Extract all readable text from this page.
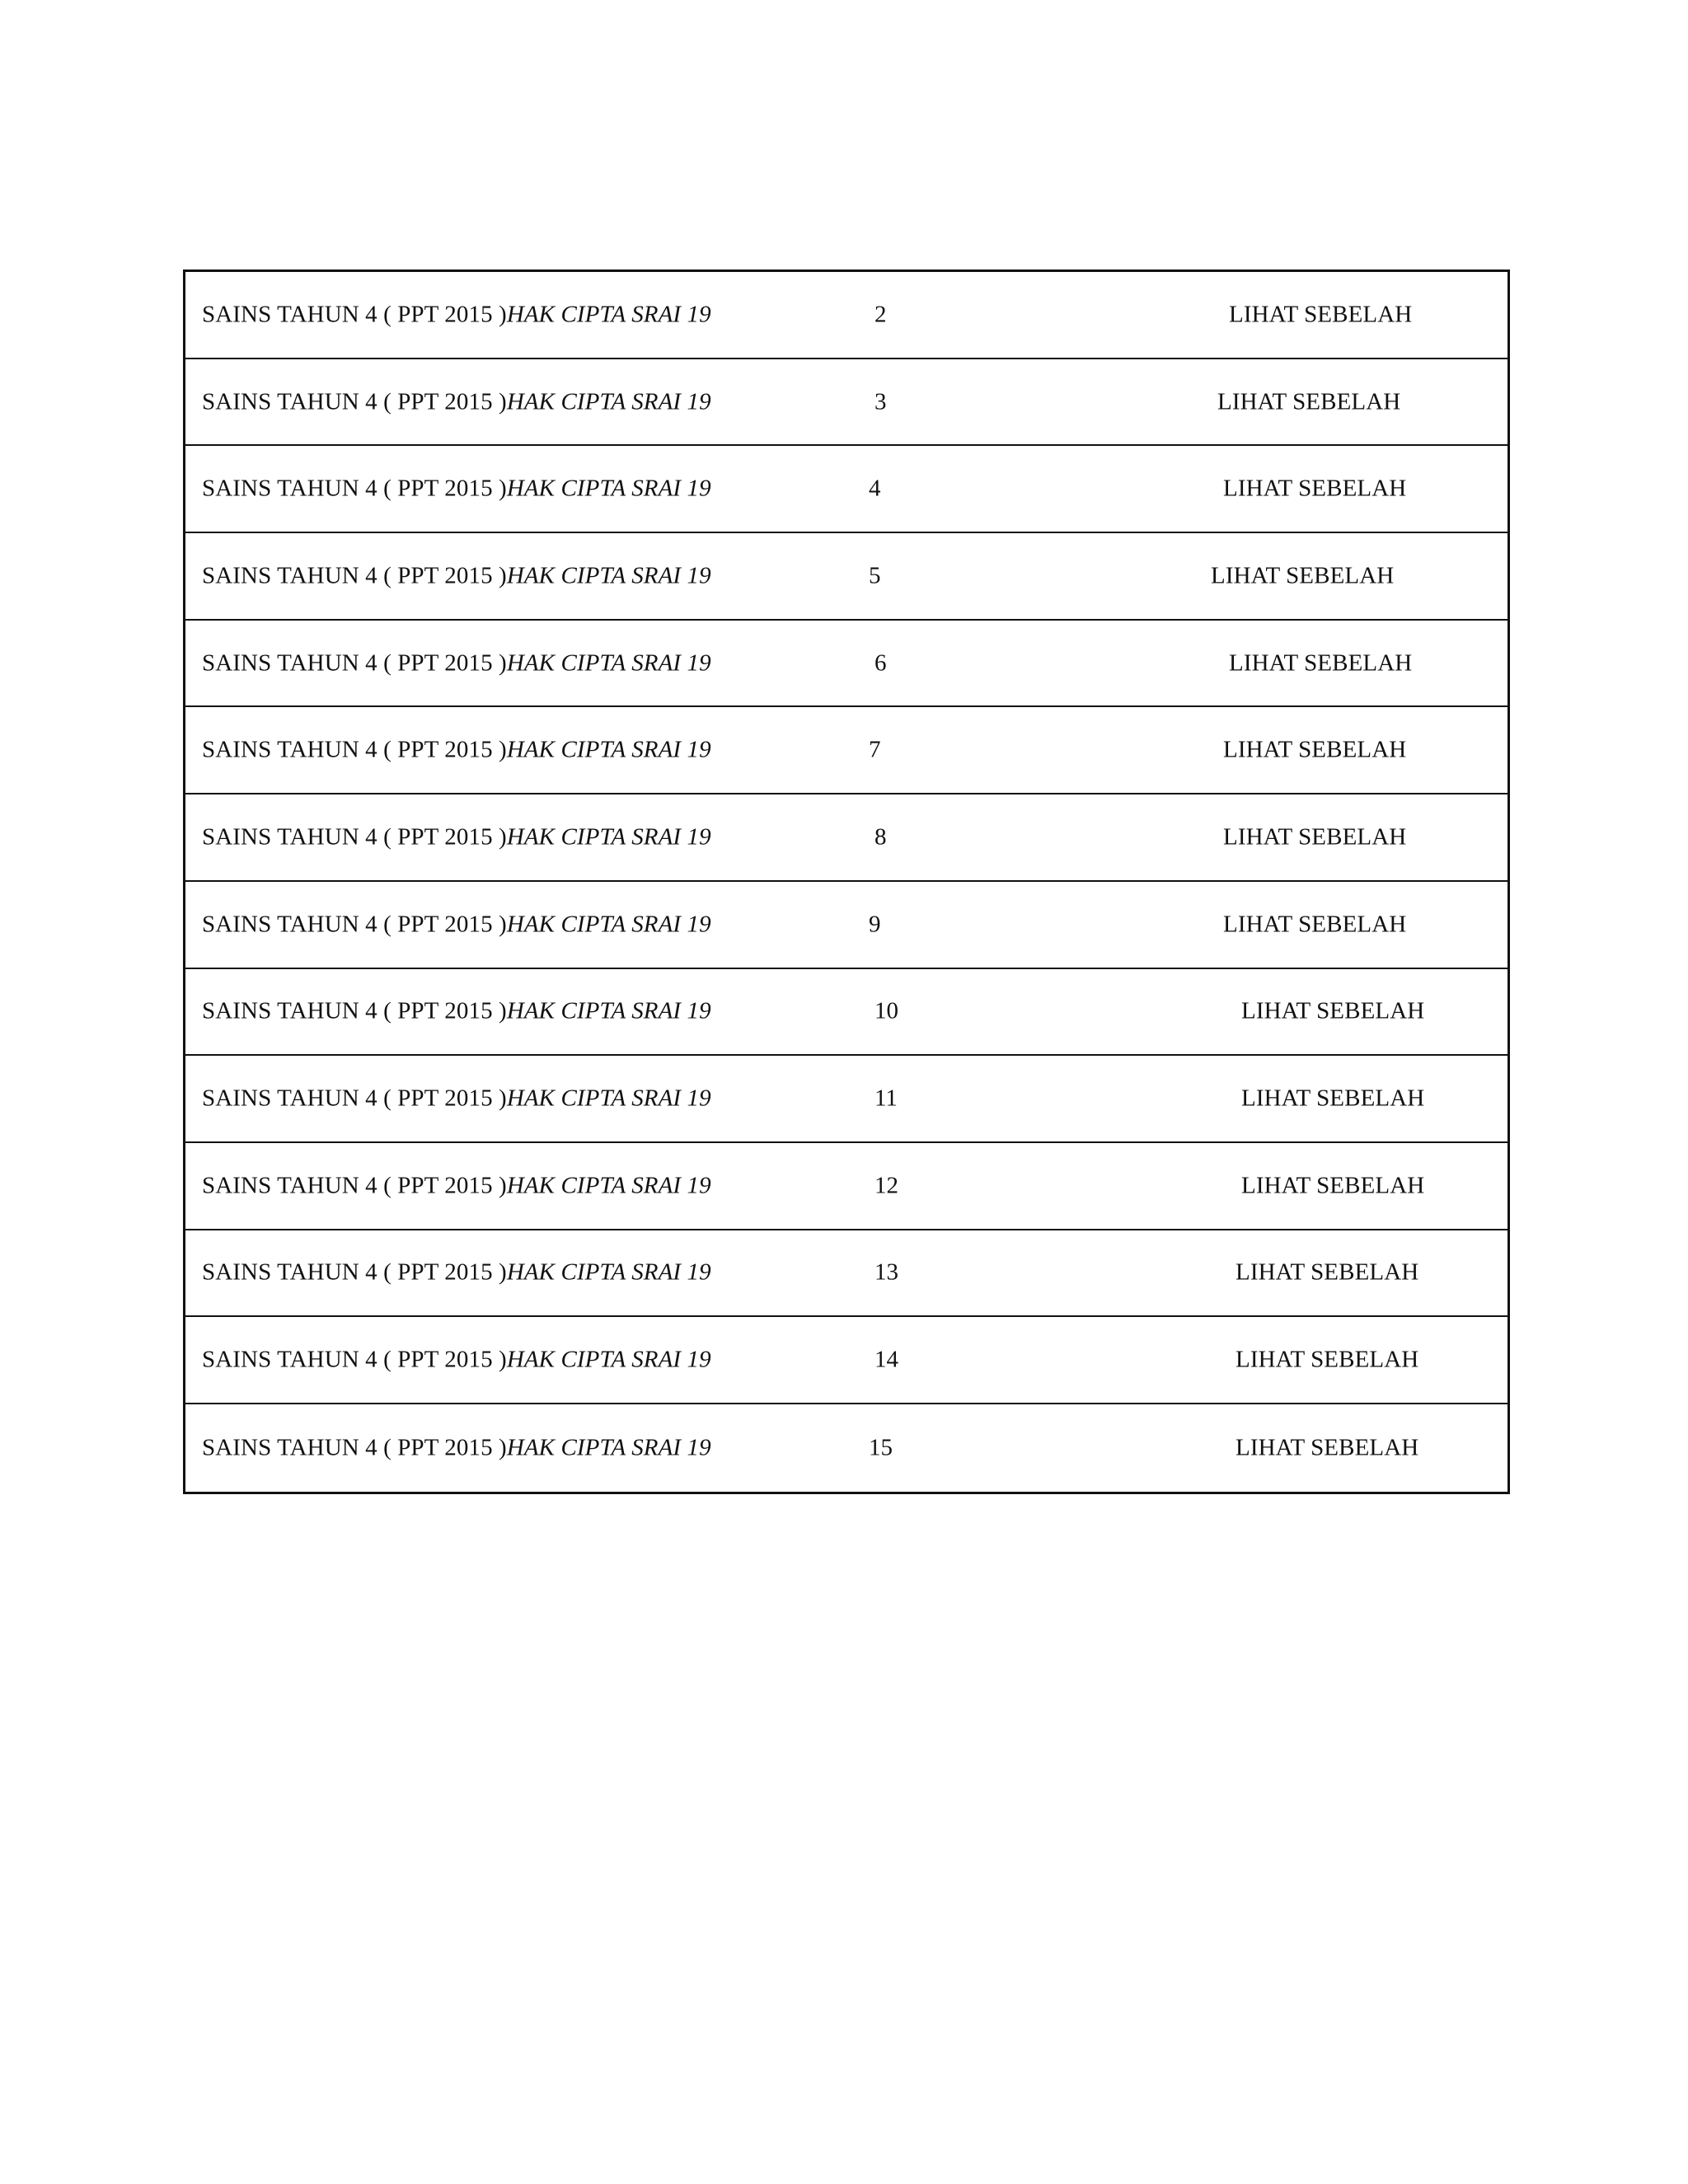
SAINS TAHUN 4 ( PPT 2015 )HAK CIPTA SRAI 19	2	LIHAT SEBELAH
SAINS TAHUN 4 ( PPT 2015 )HAK CIPTA SRAI 19	3	LIHAT SEBELAH
SAINS TAHUN 4 ( PPT 2015 )HAK CIPTA SRAI 19	4	LIHAT SEBELAH
SAINS TAHUN 4 ( PPT 2015 )HAK CIPTA SRAI 19	5	LIHAT SEBELAH
SAINS TAHUN 4 ( PPT 2015 )HAK CIPTA SRAI 19	6	LIHAT SEBELAH
SAINS TAHUN 4 ( PPT 2015 )HAK CIPTA SRAI 19	7	LIHAT SEBELAH
SAINS TAHUN 4 ( PPT 2015 )HAK CIPTA SRAI 19	8	LIHAT SEBELAH
SAINS TAHUN 4 ( PPT 2015 )HAK CIPTA SRAI 19	9	LIHAT SEBELAH
SAINS TAHUN 4 ( PPT 2015 )HAK CIPTA SRAI 19	10	LIHAT SEBELAH
SAINS TAHUN 4 ( PPT 2015 )HAK CIPTA SRAI 19	11	LIHAT SEBELAH
SAINS TAHUN 4 ( PPT 2015 )HAK CIPTA SRAI 19	12	LIHAT SEBELAH
SAINS TAHUN 4 ( PPT 2015 )HAK CIPTA SRAI 19	13	LIHAT SEBELAH
SAINS TAHUN 4 ( PPT 2015 )HAK CIPTA SRAI 19	14	LIHAT SEBELAH
SAINS TAHUN 4 ( PPT 2015 )HAK CIPTA SRAI 19	15	LIHAT SEBELAH
